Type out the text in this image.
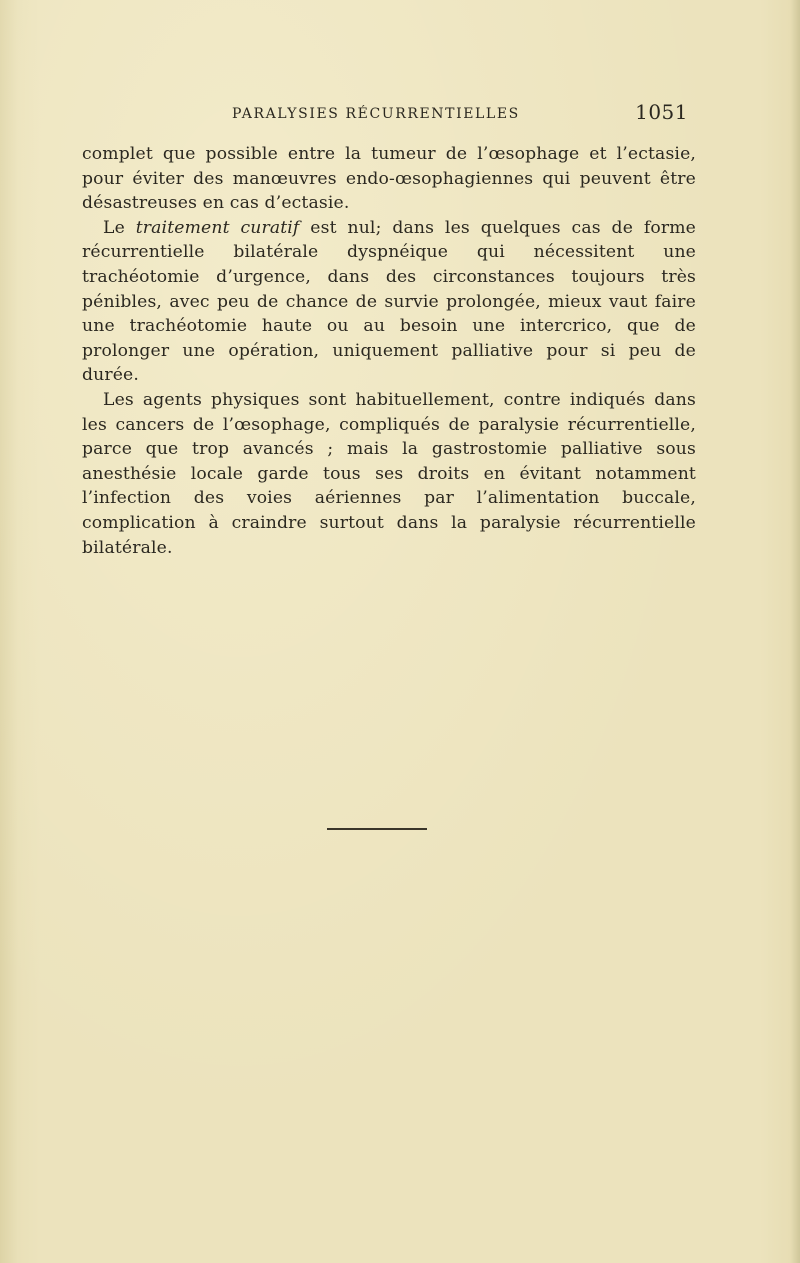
PARALYSIES RÉCURRENTIELLES	1051

complet que possible entre la tumeur de l’œsophage et l’ectasie, pour éviter des manœuvres endo-œsophagiennes qui peuvent être désastreuses en cas d’ectasie.

Le traitement curatif est nul; dans les quelques cas de forme récurrentielle bilatérale dyspnéique qui nécessitent une trachéotomie d’urgence, dans des circonstances toujours très pénibles, avec peu de chance de survie prolongée, mieux vaut faire une trachéotomie haute ou au besoin une intercrico, que de prolonger une opération, uniquement palliative pour si peu de durée.

Les agents physiques sont habituellement, contre indiqués dans les cancers de l’œsophage, compliqués de paralysie récurrentielle, parce que trop avancés ; mais la gastrostomie palliative sous anesthésie locale garde tous ses droits en évitant notamment l’infection des voies aériennes par l’alimentation buccale, complication à craindre surtout dans la paralysie récurrentielle bilatérale.
